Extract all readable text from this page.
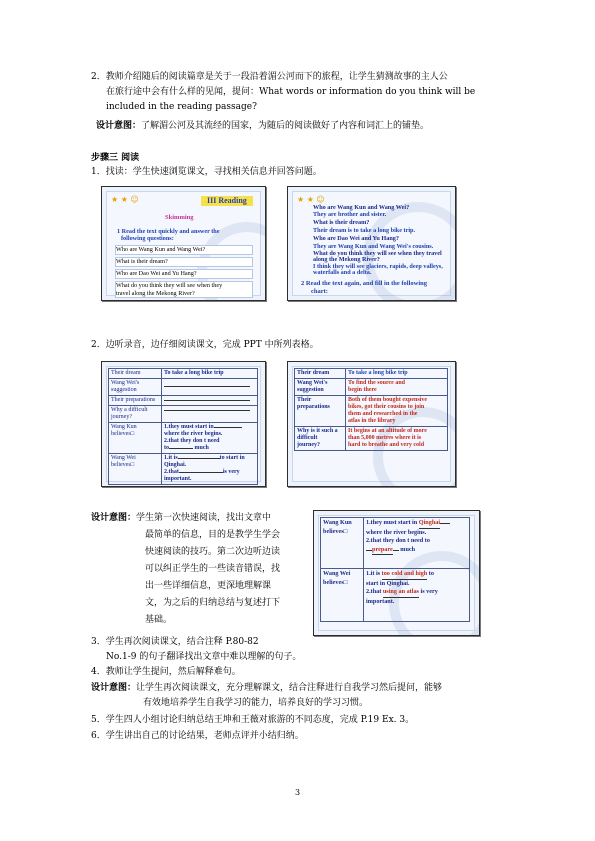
2．教师介绍随后的阅读篇章是关于一段沿着湄公河而下的旅程，让学生猜测故事的主人公
在旅行途中会有什么样的见闻，提问：What words or information do you think will be
included in the reading passage?
设计意图：了解湄公河及其流经的国家，为随后的阅读做好了内容和词汇上的铺垫。
步骤三 阅读
1．找读：学生快速浏览课文，寻找相关信息并回答问题。
★ ★ ☺	III Reading
Skimming
1 Read the text quickly and answer the
following questions:
Who are Wang Kun and Wang Wei?
What is their dream?
Who are Dao Wei and Yu Hang?
What do you think they will see when they
travel along the Mekong River?
★ ★ ☺
Who are Wang Kun and Wang Wei?
They are brother and sister.
What is their dream?
Their dream is to take a long bike trip.
Who are Dao Wei and Yu Hang?
They are Wang Kun and Wang Wei's cousins.
What do you think they will see when they travel
along the Mekong River?
I think they will see glaciers, rapids, deep valleys,
waterfalls and a delta.
2 Read the text again, and fill in the following
chart:
2．边听录音，边仔细阅读课文，完成 PPT 中所列表格。
Their dream	To take a long bike trip
Wang Wei's suggestion	
Their preparations	
Why a difficult journey?	
Wang Kun believes□	1.they must start in
where the river begins.
2.that they don t need
to much
Wang Wei believes□	1.it is to start in
Qinghai.
2.that is very
important.
Their dream	To take a long bike trip
Wang Wei's
suggestion	To find the source and
begin there
Their
preparations	Both of them bought expensive
bikes, got their cousins to join
them and researched in the
atlas in the library
Why is it such a
difficult
journey?	It begins at an altitude of more
than 5,000 metres where it is
hard to breathe and very cold
设计意图：学生第一次快速阅读，找出文章中
最简单的信息，目的是教学生学会
快速阅读的技巧。第二次边听边读
可以纠正学生的一些读音错误，找
出一些详细信息，更深地理解课
文，为之后的归纳总结与复述打下
基础。
Wang Kun
believes□	1.they must start in Qinghai
where the river begins.
2.that they don t need to
prepare much
Wang Wei
believes□	1.it is too cold and high to
start in Qinghai.
2.that using an atlas is very
important.
3．学生再次阅读课文，结合注释 P.80-82
No.1-9 的句子翻译找出文章中难以理解的句子。
4．教师让学生提问，然后解释难句。
设计意图：让学生再次阅读课文，充分理解课文，结合注释进行自我学习然后提问，能够
有效地培养学生自我学习的能力，培养良好的学习习惯。
5．学生四人小组讨论归纳总结王坤和王薇对旅游的不同态度，完成 P.19 Ex. 3。
6．学生讲出自己的讨论结果，老师点评并小结归纳。
3
